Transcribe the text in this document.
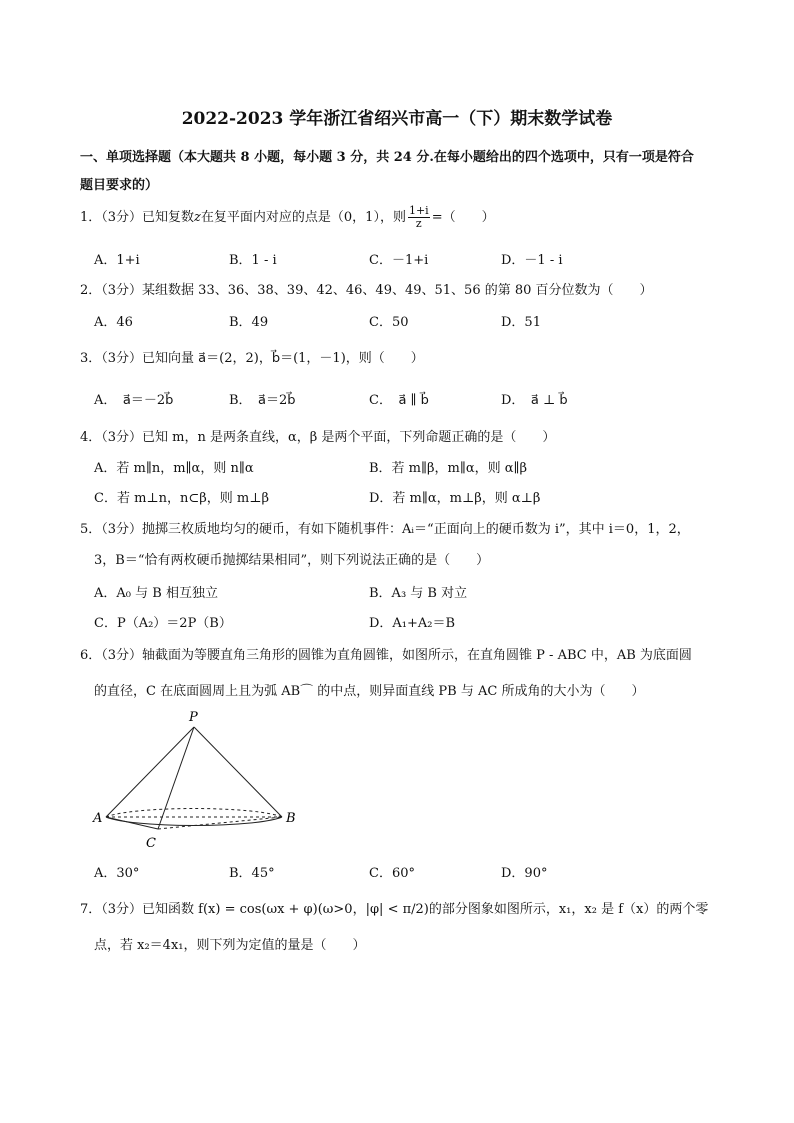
2022-2023 学年浙江省绍兴市高一（下）期末数学试卷
一、单项选择题（本大题共 8 小题，每小题 3 分，共 24 分.在每小题给出的四个选项中，只有一项是符合
题目要求的）
1．（3分）已知复数z在复平面内对应的点是（0，1），则 $\frac{1+i}{z}$ =（　　）
A．1+i	B．1 - i	C．－1+i	D．－1 - i
2．（3分）某组数据 33、36、38、39、42、46、49、49、51、56 的第 80 百分位数为（　　）
A．46	B．49	C．50	D．51
3．（3分）已知向量 a⃗＝(2，2)，b⃗＝(1，－1)，则（　　）
A．　a⃗＝－2b⃗	B．　a⃗＝2b⃗	C．　a⃗ ∥ b⃗	D．　a⃗ ⊥ b⃗
4．（3分）已知 m，n 是两条直线，α，β 是两个平面，下列命题正确的是（　　）
A．若 m∥n，m∥α，则 n∥α	B．若 m∥β，m∥α，则 α∥β
C．若 m⊥n，n⊂β，则 m⊥β	D．若 m∥α，m⊥β，则 α⊥β
5．（3分）抛掷三枚质地均匀的硬币，有如下随机事件：Aᵢ＝“正面向上的硬币数为 i”，其中 i＝0，1，2，
3，B＝“恰有两枚硬币抛掷结果相同”，则下列说法正确的是（　　）
A．A₀ 与 B 相互独立	B．A₃ 与 B 对立
C．P（A₂）＝2P（B）	D．A₁+A₂＝B
6．（3分）轴截面为等腰直角三角形的圆锥为直角圆锥，如图所示，在直角圆锥 P - ABC 中，AB 为底面圆
的直径，C 在底面圆周上且为弧 AB⌒ 的中点，则异面直线 PB 与 AC 所成角的大小为（　　）
P
A	B
C
A．30°	B．45°	C．60°	D．90°
7．（3分）已知函数 f(x) = cos(ωx + φ)(ω>0，|φ| < π/2)的部分图象如图所示，x₁，x₂ 是 f（x）的两个零
点，若 x₂＝4x₁，则下列为定值的量是（　　）
